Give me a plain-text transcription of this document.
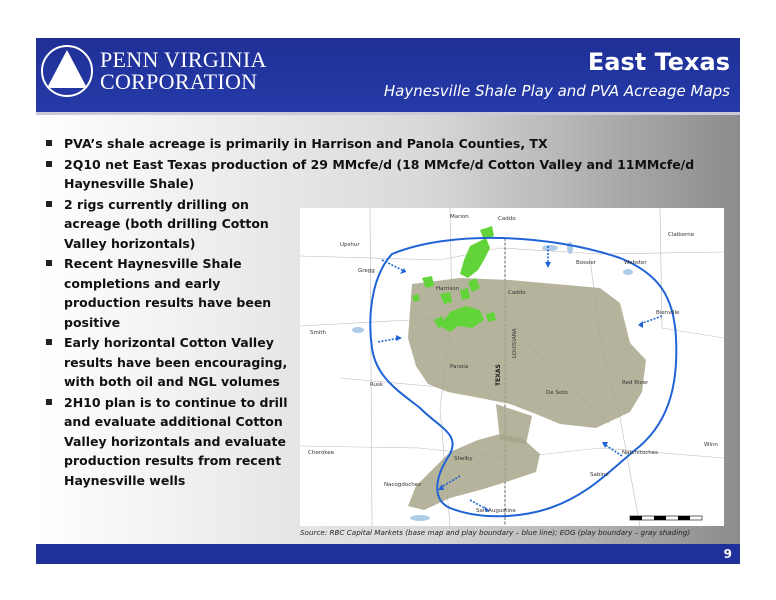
PENN VIRGINIA
CORPORATION
East Texas
Haynesville Shale Play and PVA Acreage Maps
PVA’s shale acreage is primarily in Harrison and Panola Counties, TX
2Q10 net East Texas production of 29 MMcfe/d (18 MMcfe/d Cotton Valley and 11MMcfe/d Haynesville Shale)
2 rigs currently drilling on acreage (both drilling Cotton Valley horizontals)
Recent Haynesville Shale completions and early production results have been positive
Early horizontal Cotton Valley results have been encouraging, with both oil and NGL volumes
2H10 plan is to continue to drill and evaluate additional Cotton Valley horizontals and evaluate production results from recent Haynesville wells
Marion	Caddo
Claiborne
Upshur
Bossier	Webster
Gregg
Harrison
Caddo
Smith
Bienville
Panola	TEXAS
LOUISIANA
Rusk
De Soto
Red River
Winn
Cherokee
Shelby
Natchitoches
Nacogdoches
Sabine
San Augustine
Source: RBC Capital Markets (base map and play boundary – blue line); EOG (play boundary – gray shading)
9
